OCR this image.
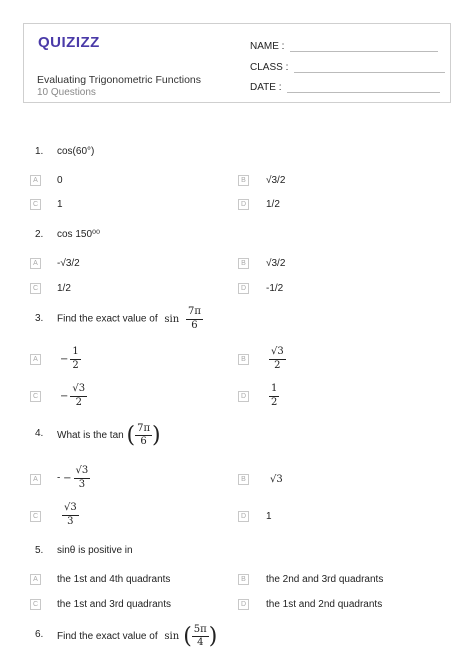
QUIZIZZ
Evaluating Trigonometric Functions
10 Questions
NAME :
CLASS :
DATE :
1. cos(60°)
A	0	B	√3/2
C 1	D 1/2
2. cos 150⁰⁰
A	-√3/2	B	√3/2
C 1/2	D -1/2
3. Find the exact value of $\sin \frac{7\pi}{6}$
A	− $\frac{1}{2}$	B	$\frac{√3}{2}$
$C - \frac{√3}{2}$	D $\frac{1}{2}$
4. What is the tan ( $\frac{7\pi}{6}$ )
A	- − $\frac{√3}{3}$	B	√3
C $\frac{√3}{3}$	D 1
5. sinθ is positive in
A	the 1st and 4th quadrants	B	the 2nd and 3rd quadrants
C the 1st and 3rd quadrants	D the 1st and 2nd quadrants
6. Find the exact value of sin ( $\frac{5\pi}{4}$ )
